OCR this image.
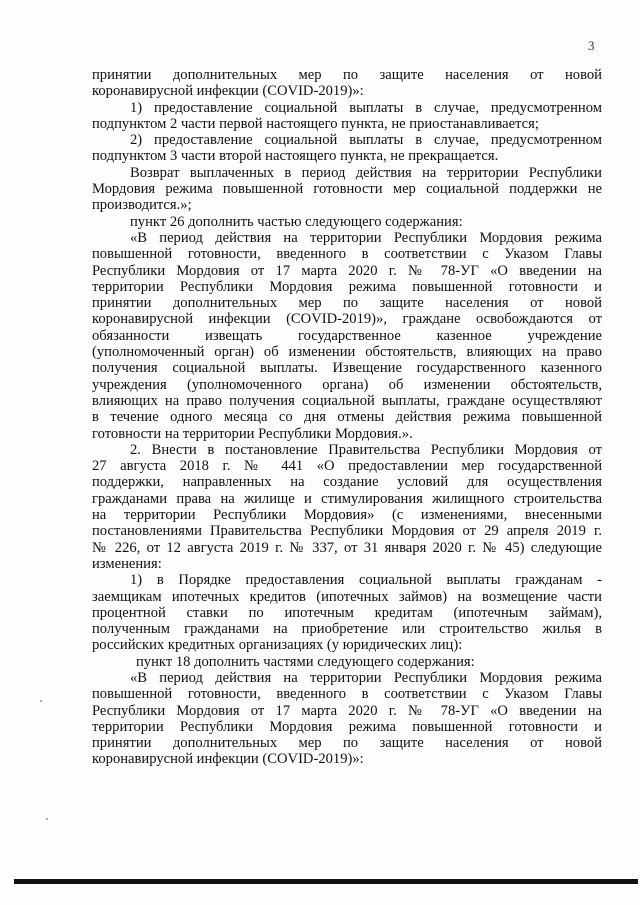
3
принятии дополнительных мер по защите населения от новой
коронавирусной инфекции (COVID-2019)»:
1) предоставление социальной выплаты в случае, предусмотренном
подпунктом 2 части первой настоящего пункта, не приостанавливается;
2) предоставление социальной выплаты в случае, предусмотренном
подпунктом 3 части второй настоящего пункта, не прекращается.
Возврат выплаченных в период действия на территории Республики
Мордовия режима повышенной готовности мер социальной поддержки не
производится.»;
пункт 26 дополнить частью следующего содержания:
«В период действия на территории Республики Мордовия режима
повышенной готовности, введенного в соответствии с Указом Главы
Республики Мордовия от 17 марта 2020 г. № 78-УГ «О введении на
территории Республики Мордовия режима повышенной готовности и
принятии дополнительных мер по защите населения от новой
коронавирусной инфекции (COVID-2019)», граждане освобождаются от
обязанности извещать государственное казенное учреждение
(уполномоченный орган) об изменении обстоятельств, влияющих на право
получения социальной выплаты. Извещение государственного казенного
учреждения (уполномоченного органа) об изменении обстоятельств,
влияющих на право получения социальной выплаты, граждане осуществляют
в течение одного месяца со дня отмены действия режима повышенной
готовности на территории Республики Мордовия.».
2. Внести в постановление Правительства Республики Мордовия от
27 августа 2018 г. № 441 «О предоставлении мер государственной
поддержки, направленных на создание условий для осуществления
гражданами права на жилище и стимулирования жилищного строительства
на территории Республики Мордовия» (с изменениями, внесенными
постановлениями Правительства Республики Мордовия от 29 апреля 2019 г.
№ 226, от 12 августа 2019 г. № 337, от 31 января 2020 г. № 45) следующие
изменения:
1) в Порядке предоставления социальной выплаты гражданам -
заемщикам ипотечных кредитов (ипотечных займов) на возмещение части
процентной ставки по ипотечным кредитам (ипотечным займам),
полученным гражданами на приобретение или строительство жилья в
российских кредитных организациях (у юридических лиц):
пункт 18 дополнить частями следующего содержания:
«В период действия на территории Республики Мордовия режима
повышенной готовности, введенного в соответствии с Указом Главы
Республики Мордовия от 17 марта 2020 г. № 78-УГ «О введении на
территории Республики Мордовия режима повышенной готовности и
принятии дополнительных мер по защите населения от новой
коронавирусной инфекции (COVID-2019)»:
